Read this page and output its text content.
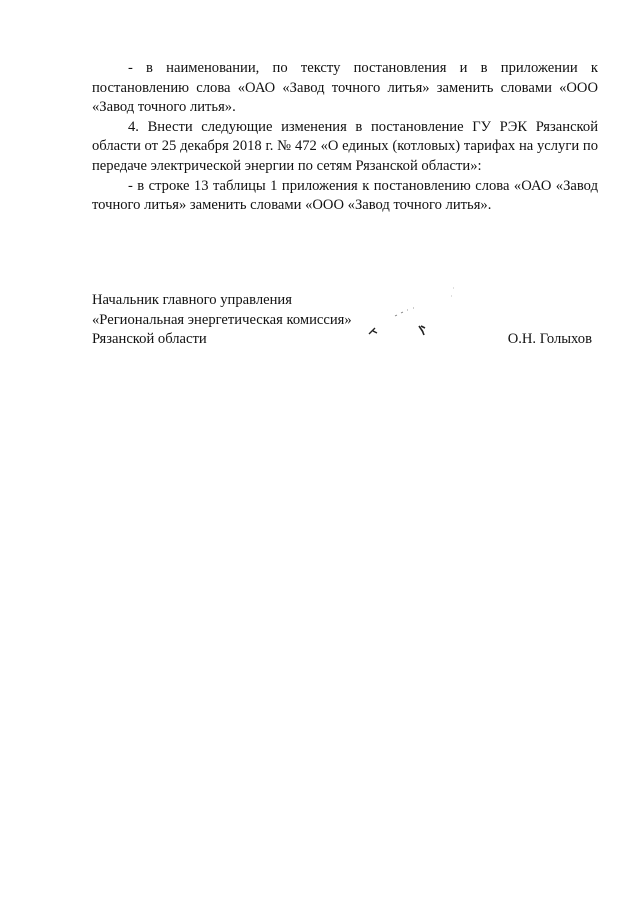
- в наименовании, по тексту постановления и в приложении к постановлению слова «ОАО «Завод точного литья» заменить словами «ООО «Завод точного литья».

4. Внести следующие изменения в постановление ГУ РЭК Рязанской области от 25 декабря 2018 г. № 472 «О единых (котловых) тарифах на услуги по передаче электрической энергии по сетям Рязанской области»:

- в строке 13 таблицы 1 приложения к постановлению слова «ОАО «Завод точного литья» заменить словами «ООО «Завод точного литья».

Начальник главного управления
«Региональная энергетическая комиссия»
Рязанской области	О.Н. Голыхов
